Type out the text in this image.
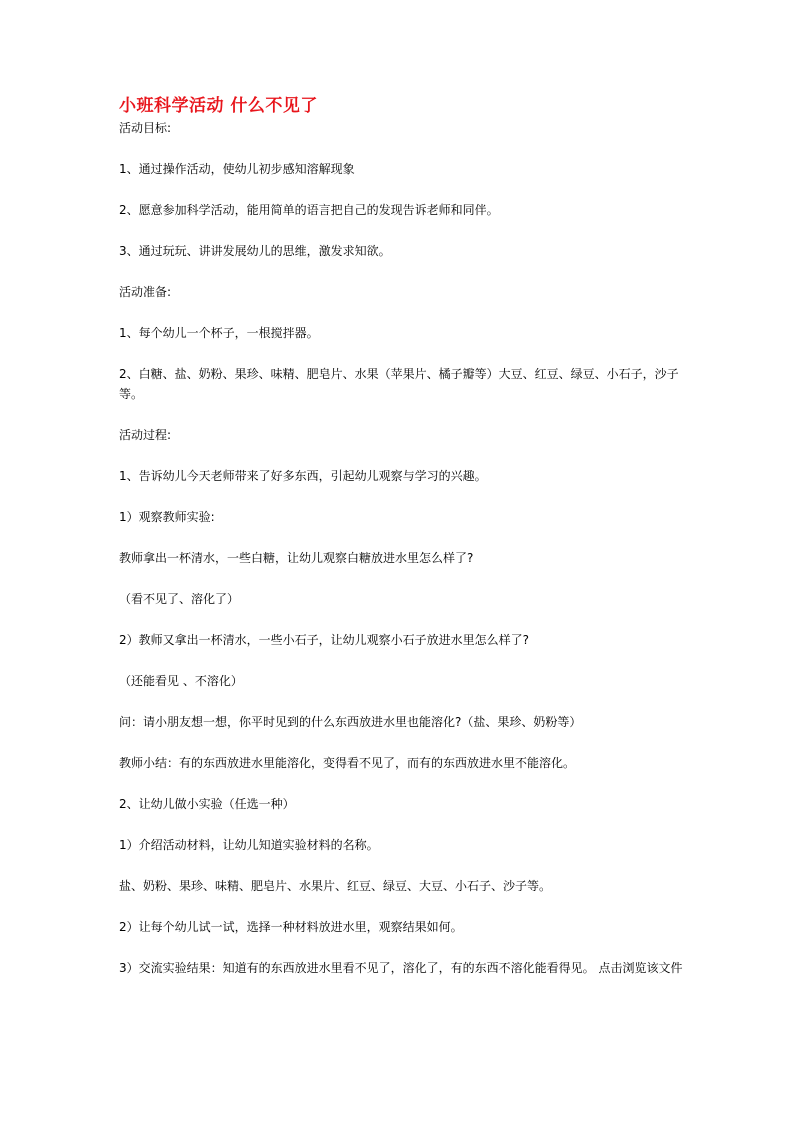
小班科学活动 什么不见了

活动目标:

1、通过操作活动，使幼儿初步感知溶解现象

2、愿意参加科学活动，能用简单的语言把自己的发现告诉老师和同伴。

3、通过玩玩、讲讲发展幼儿的思维，激发求知欲。

活动准备:

1、每个幼儿一个杯子，一根搅拌器。

2、白糖、盐、奶粉、果珍、味精、肥皂片、水果（苹果片、橘子瓣等）大豆、红豆、绿豆、小石子，沙子等。

活动过程:

1、告诉幼儿今天老师带来了好多东西，引起幼儿观察与学习的兴趣。

1）观察教师实验:

教师拿出一杯清水，一些白糖，让幼儿观察白糖放进水里怎么样了?

（看不见了、溶化了）

2）教师又拿出一杯清水，一些小石子，让幼儿观察小石子放进水里怎么样了?

（还能看见 、不溶化）

问：请小朋友想一想，你平时见到的什么东西放进水里也能溶化?（盐、果珍、奶粉等）

教师小结：有的东西放进水里能溶化，变得看不见了，而有的东西放进水里不能溶化。

2、让幼儿做小实验（任选一种）

1）介绍活动材料，让幼儿知道实验材料的名称。

盐、奶粉、果珍、味精、肥皂片、水果片、红豆、绿豆、大豆、小石子、沙子等。

2）让每个幼儿试一试，选择一种材料放进水里，观察结果如何。

3）交流实验结果：知道有的东西放进水里看不见了，溶化了，有的东西不溶化能看得见。 点击浏览该文件
